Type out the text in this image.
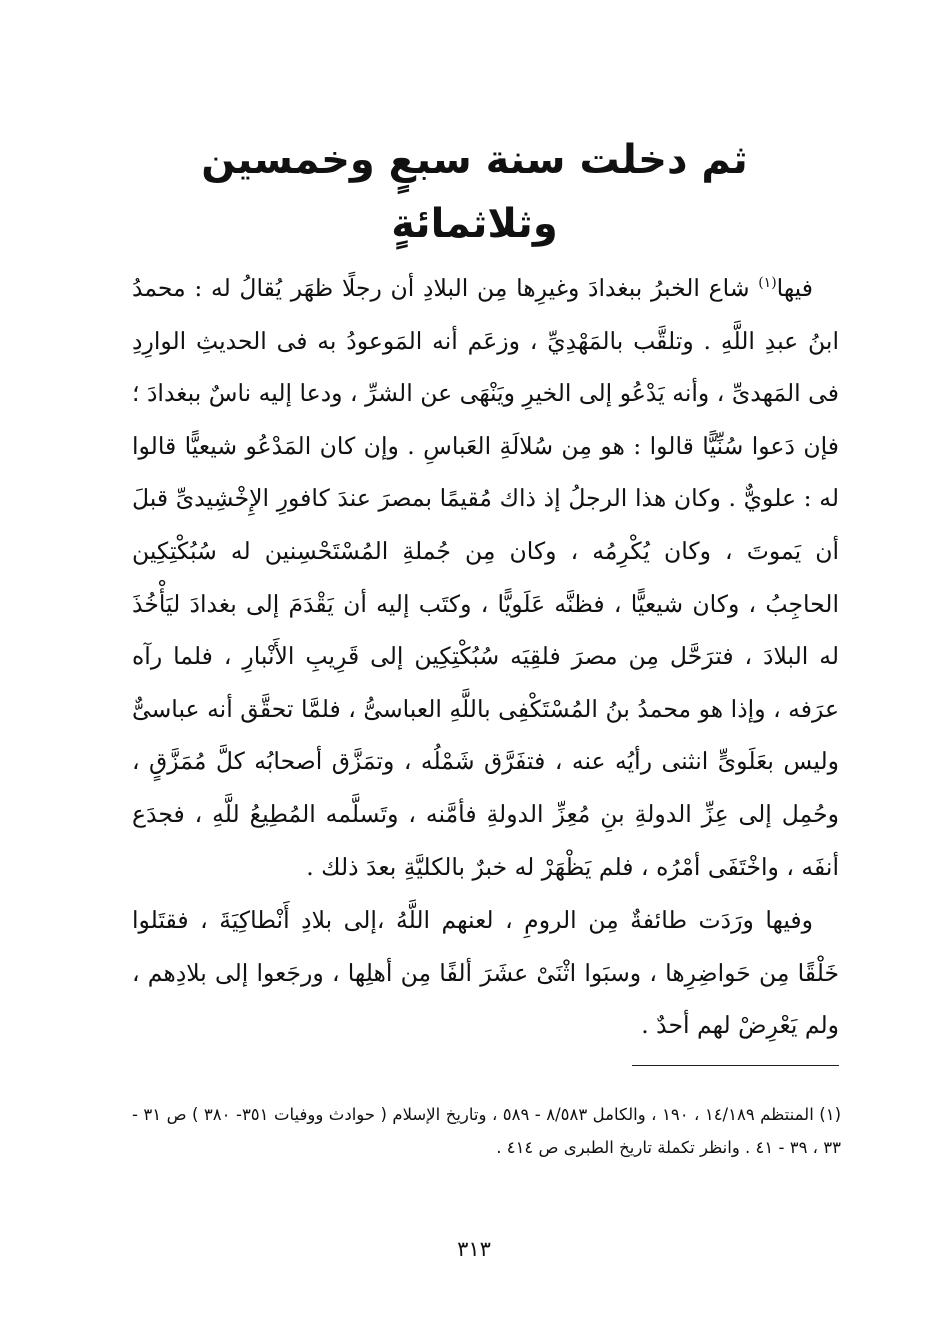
ثم دخلت سنة سبعٍ وخمسين وثلاثمائةٍ

فيها$^{(١)}$ شاع الخبرُ ببغدادَ وغيرِها مِن البلادِ أن رجلًا ظهَر يُقالُ له : محمدُ ابنُ عبدِ اللَّهِ . وتلقَّب بالمَهْدِيِّ ، وزعَم أنه المَوعودُ به فى الحديثِ الوارِدِ فى المَهدىِّ ، وأنه يَدْعُو إلى الخيرِ ويَنْهَى عن الشرِّ ، ودعا إليه ناسٌ ببغدادَ ؛ فإن دَعوا سُنِّيًّا قالوا : هو مِن سُلالَةِ العَباسِ . وإن كان المَدْعُو شيعيًّا قالوا له : علويٌّ . وكان هذا الرجلُ إذ ذاك مُقيمًا بمصرَ عندَ كافورِ الإِخْشِيدىِّ قبلَ أن يَموتَ ، وكان يُكْرِمُه ، وكان مِن جُملةِ المُسْتَحْسِنين له سُبُكْتِكِين الحاجِبُ ، وكان شيعيًّا ، فظنَّه عَلَويًّا ، وكتَب إليه أن يَقْدَمَ إلى بغدادَ ليَأْخُذَ له البلادَ ، فترَحَّل مِن مصرَ فلقِيَه سُبُكْتِكِين إلى قَرِيبِ الأَنْبارِ ، فلما رآه عرَفه ، وإذا هو محمدُ بنُ المُسْتَكْفِى باللَّهِ العباسىُّ ، فلمَّا تحقَّق أنه عباسىٌّ وليس بعَلَوىٍّ انثنى رأيُه عنه ، فتفَرَّق شَمْلُه ، وتمَزَّق أصحابُه كلَّ مُمَزَّقٍ ، وحُمِل إلى عِزِّ الدولةِ بنِ مُعِزِّ الدولةِ فأمَّنه ، وتَسلَّمه المُطِيعُ للَّهِ ، فجدَع أنفَه ، واخْتَفَى أمْرُه ، فلم يَظْهَرْ له خبرٌ بالكليَّةِ بعدَ ذلك .

وفيها ورَدَت طائفةٌ مِن الرومِ ، لعنهم اللَّهُ ،إلى بلادِ أَنْطاكِيَةَ ، فقتَلوا خَلْقًا مِن حَواضِرِها ، وسبَوا اثْنَىْ عشَرَ ألفًا مِن أهلِها ، ورجَعوا إلى بلادِهم ، ولم يَعْرِضْ لهم أحدٌ .

(١) المنتظم ١٤/١٨٩ ، ١٩٠ ، والكامل ٨/٥٨٣ - ٥٨٩ ، وتاريخ الإسلام ( حوادث ووفيات ٣٥١- ٣٨٠ ) ص ٣١ - ٣٣ ، ٣٩ - ٤١ . وانظر تكملة تاريخ الطبرى ص ٤١٤ .

٣١٣
